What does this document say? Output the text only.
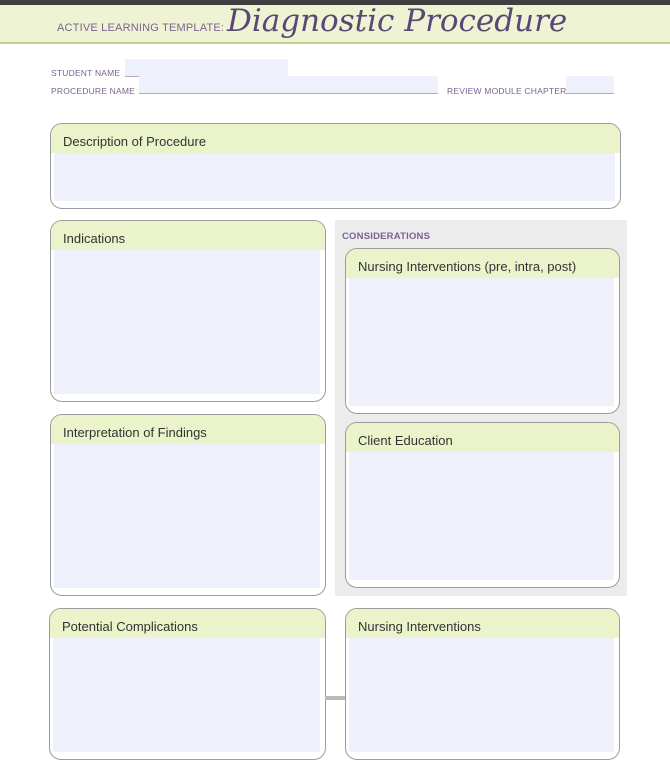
ACTIVE LEARNING TEMPLATE: Diagnostic Procedure
STUDENT NAME
PROCEDURE NAME	REVIEW MODULE CHAPTER
Description of Procedure
Indications
Interpretation of Findings
CONSIDERATIONS
Nursing Interventions (pre, intra, post)
Client Education
Potential Complications	Nursing Interventions
